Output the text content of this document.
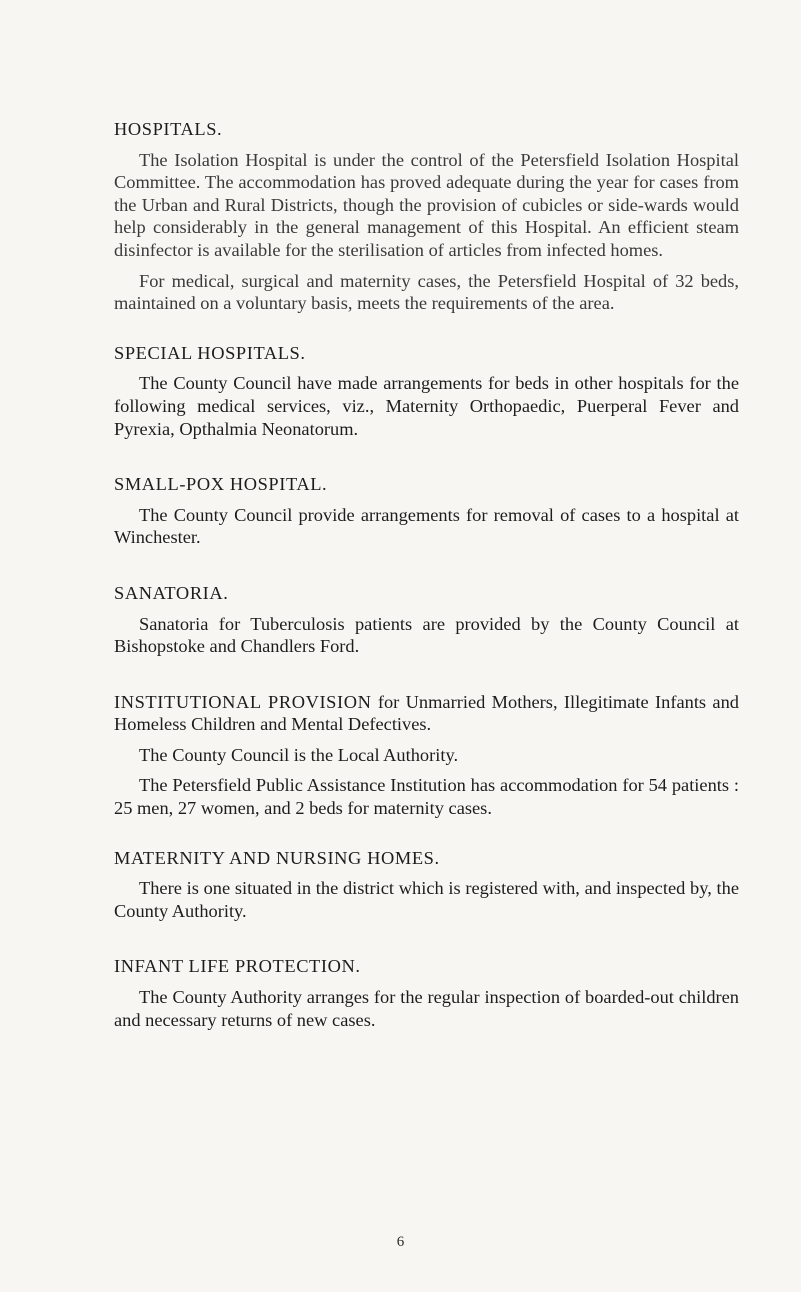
HOSPITALS.

The Isolation Hospital is under the control of the Petersfield Isolation Hospital Committee. The accommodation has proved adequate during the year for cases from the Urban and Rural Districts, though the provision of cubicles or side-wards would help considerably in the general management of this Hospital. An efficient steam disinfector is available for the sterilisation of articles from infected homes.

For medical, surgical and maternity cases, the Petersfield Hospital of 32 beds, maintained on a voluntary basis, meets the requirements of the area.

SPECIAL HOSPITALS.

The County Council have made arrangements for beds in other hospitals for the following medical services, viz., Maternity Orthopaedic, Puerperal Fever and Pyrexia, Opthalmia Neonatorum.

SMALL-POX HOSPITAL.

The County Council provide arrangements for removal of cases to a hospital at Winchester.

SANATORIA.

Sanatoria for Tuberculosis patients are provided by the County Council at Bishopstoke and Chandlers Ford.

INSTITUTIONAL PROVISION for Unmarried Mothers, Illegitimate Infants and Homeless Children and Mental Defectives.

The County Council is the Local Authority.

The Petersfield Public Assistance Institution has accommodation for 54 patients : 25 men, 27 women, and 2 beds for maternity cases.

MATERNITY AND NURSING HOMES.

There is one situated in the district which is registered with, and inspected by, the County Authority.

INFANT LIFE PROTECTION.

The County Authority arranges for the regular inspection of boarded-out children and necessary returns of new cases.

6
